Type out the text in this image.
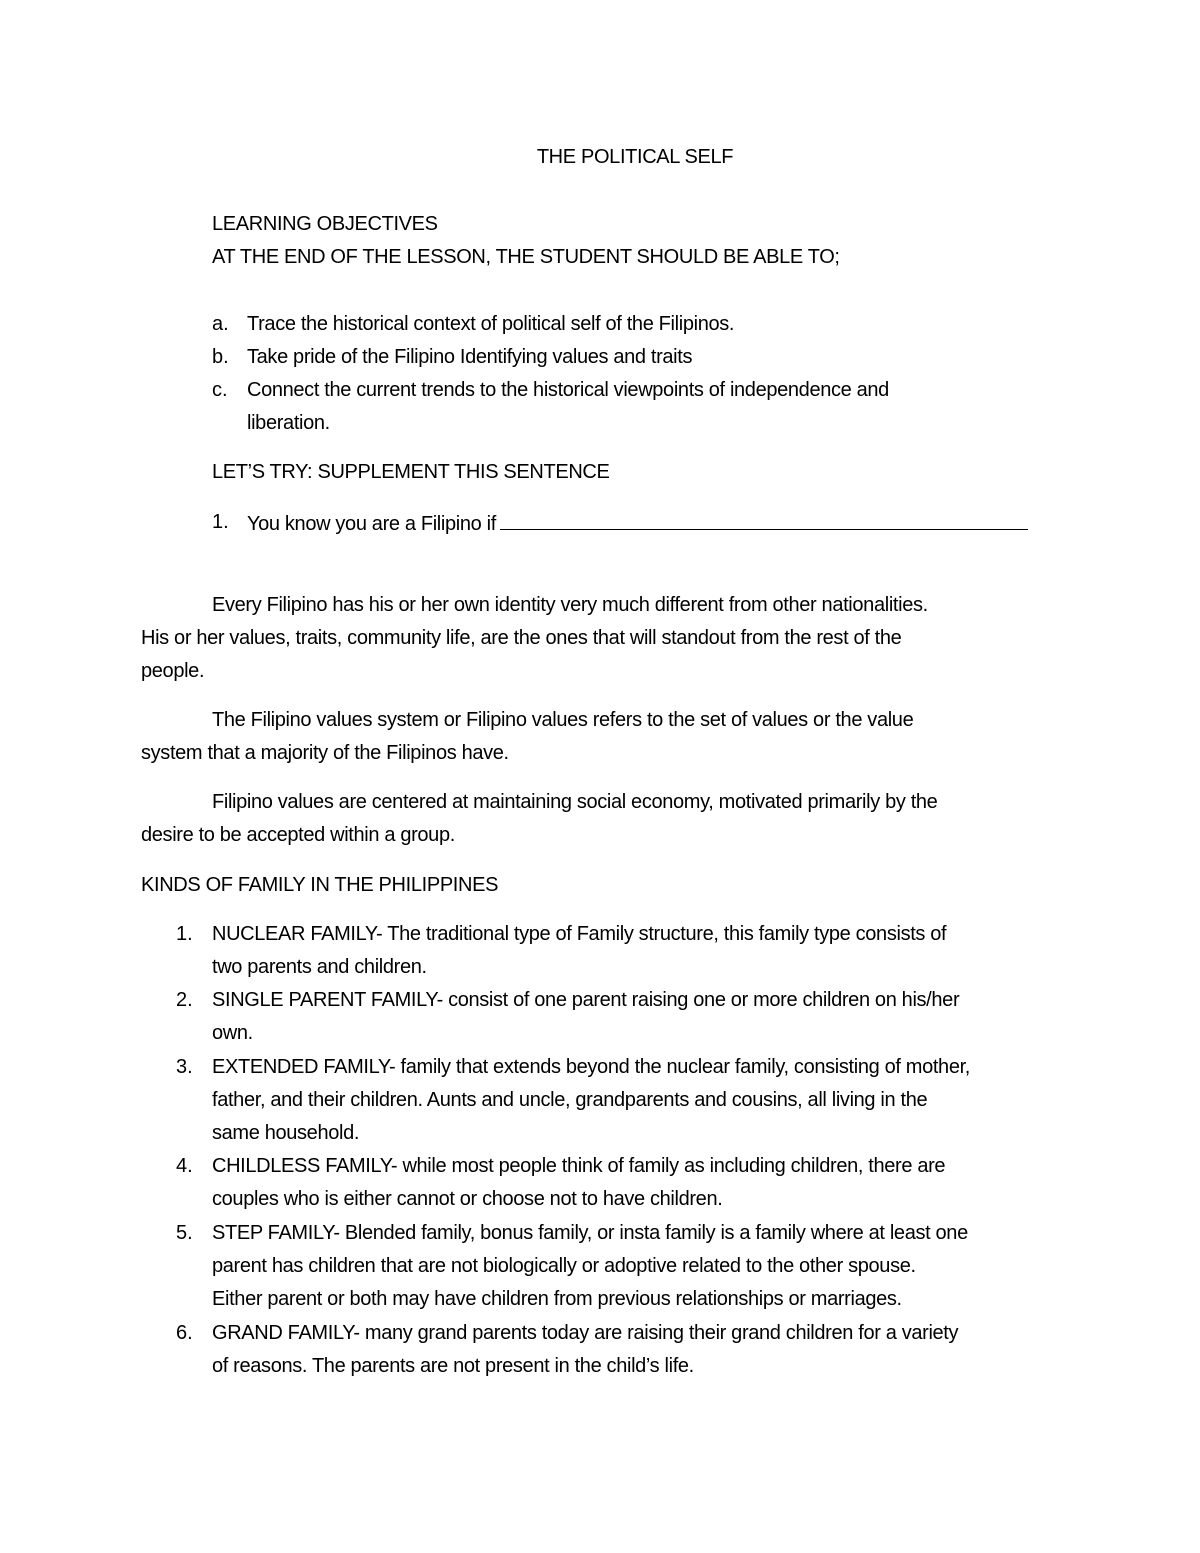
THE POLITICAL SELF
LEARNING OBJECTIVES
AT THE END OF THE LESSON, THE STUDENT SHOULD BE ABLE TO;
a. Trace the historical context of political self of the Filipinos.
b. Take pride of the Filipino Identifying values and traits
c. Connect the current trends to the historical viewpoints of independence and
liberation.
LET’S TRY: SUPPLEMENT THIS SENTENCE
1. You know you are a Filipino if
Every Filipino has his or her own identity very much different from other nationalities.
His or her values, traits, community life, are the ones that will standout from the rest of the
people.
The Filipino values system or Filipino values refers to the set of values or the value
system that a majority of the Filipinos have.
Filipino values are centered at maintaining social economy, motivated primarily by the
desire to be accepted within a group.
KINDS OF FAMILY IN THE PHILIPPINES
1. NUCLEAR FAMILY- The traditional type of Family structure, this family type consists of
two parents and children.
2. SINGLE PARENT FAMILY- consist of one parent raising one or more children on his/her
own.
3. EXTENDED FAMILY- family that extends beyond the nuclear family, consisting of mother,
father, and their children. Aunts and uncle, grandparents and cousins, all living in the
same household.
4. CHILDLESS FAMILY- while most people think of family as including children, there are
couples who is either cannot or choose not to have children.
5. STEP FAMILY- Blended family, bonus family, or insta family is a family where at least one
parent has children that are not biologically or adoptive related to the other spouse.
Either parent or both may have children from previous relationships or marriages.
6. GRAND FAMILY- many grand parents today are raising their grand children for a variety
of reasons. The parents are not present in the child’s life.
